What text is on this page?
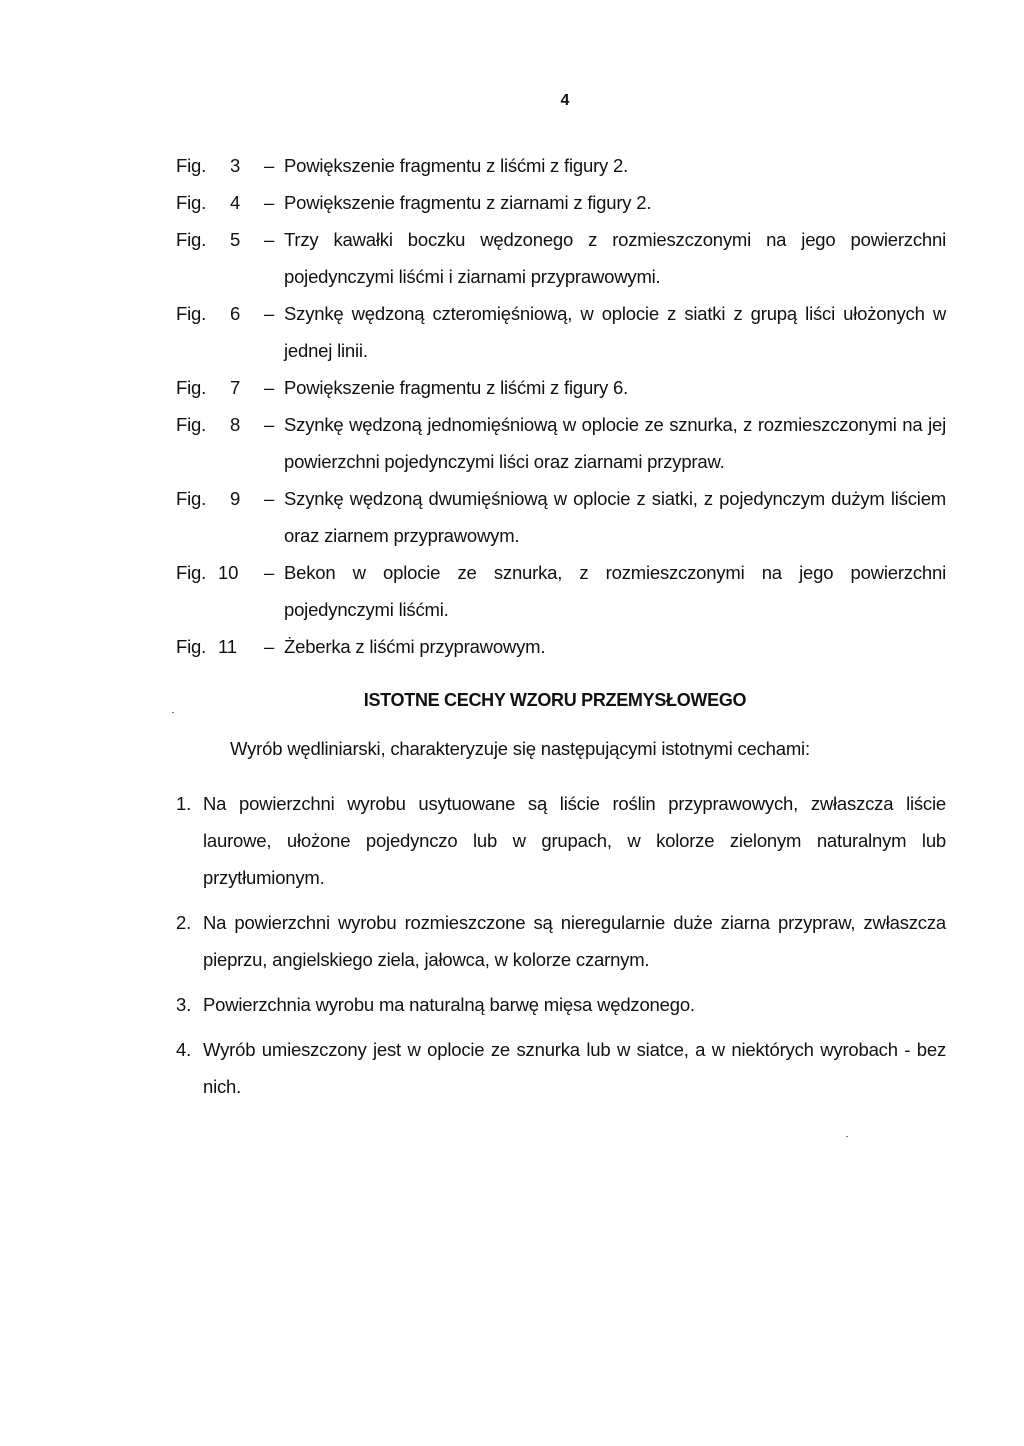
4
Fig.	3	– Powiększenie fragmentu z liśćmi z figury 2.
Fig.	4	– Powiększenie fragmentu z ziarnami z figury 2.
Fig.	5	– Trzy kawałki boczku wędzonego z rozmieszczonymi na jego powierzchni pojedynczymi liśćmi i ziarnami przyprawowymi.
Fig.	6	– Szynkę wędzoną czteromięśniową, w oplocie z siatki z grupą liści ułożonych w jednej linii.
Fig.	7	– Powiększenie fragmentu z liśćmi z figury 6.
Fig.	8	– Szynkę wędzoną jednomięśniową w oplocie ze sznurka, z rozmieszczonymi na jej powierzchni pojedynczymi liści oraz ziarnami przypraw.
Fig.	9	– Szynkę wędzoną dwumięśniową w oplocie z siatki, z pojedynczym dużym liściem oraz ziarnem przyprawowym.
Fig. 10	– Bekon w oplocie ze sznurka, z rozmieszczonymi na jego powierzchni pojedynczymi liśćmi.
Fig. 11	– Żeberka z liśćmi przyprawowym.
ISTOTNE CECHY WZORU PRZEMYSŁOWEGO
Wyrób wędliniarski, charakteryzuje się następującymi istotnymi cechami:
1. Na powierzchni wyrobu usytuowane są liście roślin przyprawowych, zwłaszcza liście laurowe, ułożone pojedynczo lub w grupach, w kolorze zielonym naturalnym lub przytłumionym.
2. Na powierzchni wyrobu rozmieszczone są nieregularnie duże ziarna przypraw, zwłaszcza pieprzu, angielskiego ziela, jałowca, w kolorze czarnym.
3. Powierzchnia wyrobu ma naturalną barwę mięsa wędzonego.
4. Wyrób umieszczony jest w oplocie ze sznurka lub w siatce, a w niektórych wyrobach - bez nich.
